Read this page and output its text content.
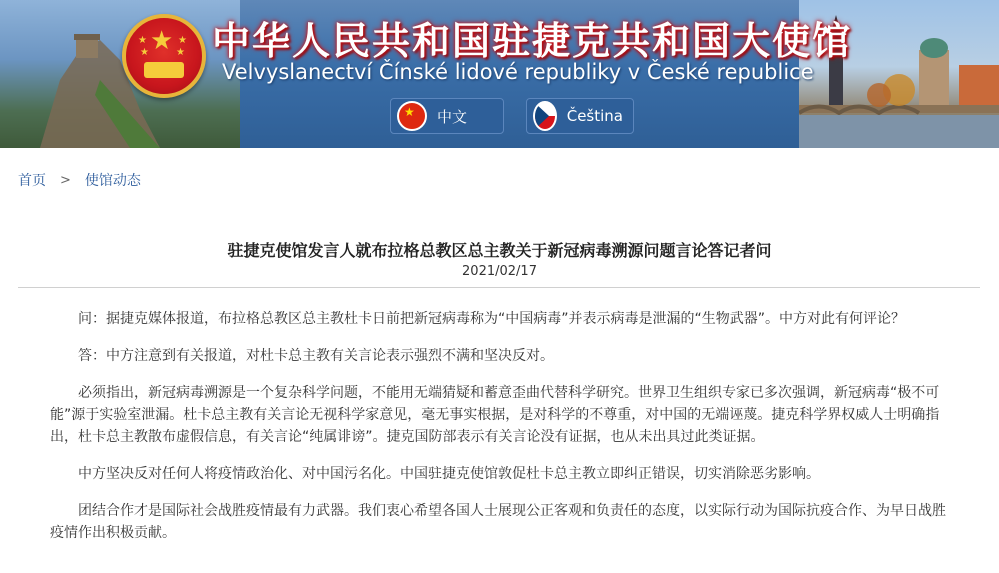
★
★	★
★	★ 中华人民共和国驻捷克共和国大使馆
Velvyslanectví Čínské lidové republiky v České republice
★ 中文	Čeština
首页 > 使馆动态
驻捷克使馆发言人就布拉格总教区总主教关于新冠病毒溯源问题言论答记者问
2021/02/17

问：据捷克媒体报道，布拉格总教区总主教杜卡日前把新冠病毒称为“中国病毒”并表示病毒是泄漏的“生物武器”。中方对此有何评论？

答：中方注意到有关报道，对杜卡总主教有关言论表示强烈不满和坚决反对。

必须指出，新冠病毒溯源是一个复杂科学问题，不能用无端猜疑和蓄意歪曲代替科学研究。世界卫生组织专家已多次强调，新冠病毒“极不可能”源于实验室泄漏。杜卡总主教有关言论无视科学家意见，毫无事实根据，是对科学的不尊重，对中国的无端诬蔑。捷克科学界权威人士明确指出，杜卡总主教散布虚假信息，有关言论“纯属诽谤”。捷克国防部表示有关言论没有证据，也从未出具过此类证据。

中方坚决反对任何人将疫情政治化、对中国污名化。中国驻捷克使馆敦促杜卡总主教立即纠正错误，切实消除恶劣影响。

团结合作才是国际社会战胜疫情最有力武器。我们衷心希望各国人士展现公正客观和负责任的态度，以实际行动为国际抗疫合作、为早日战胜疫情作出积极贡献。
